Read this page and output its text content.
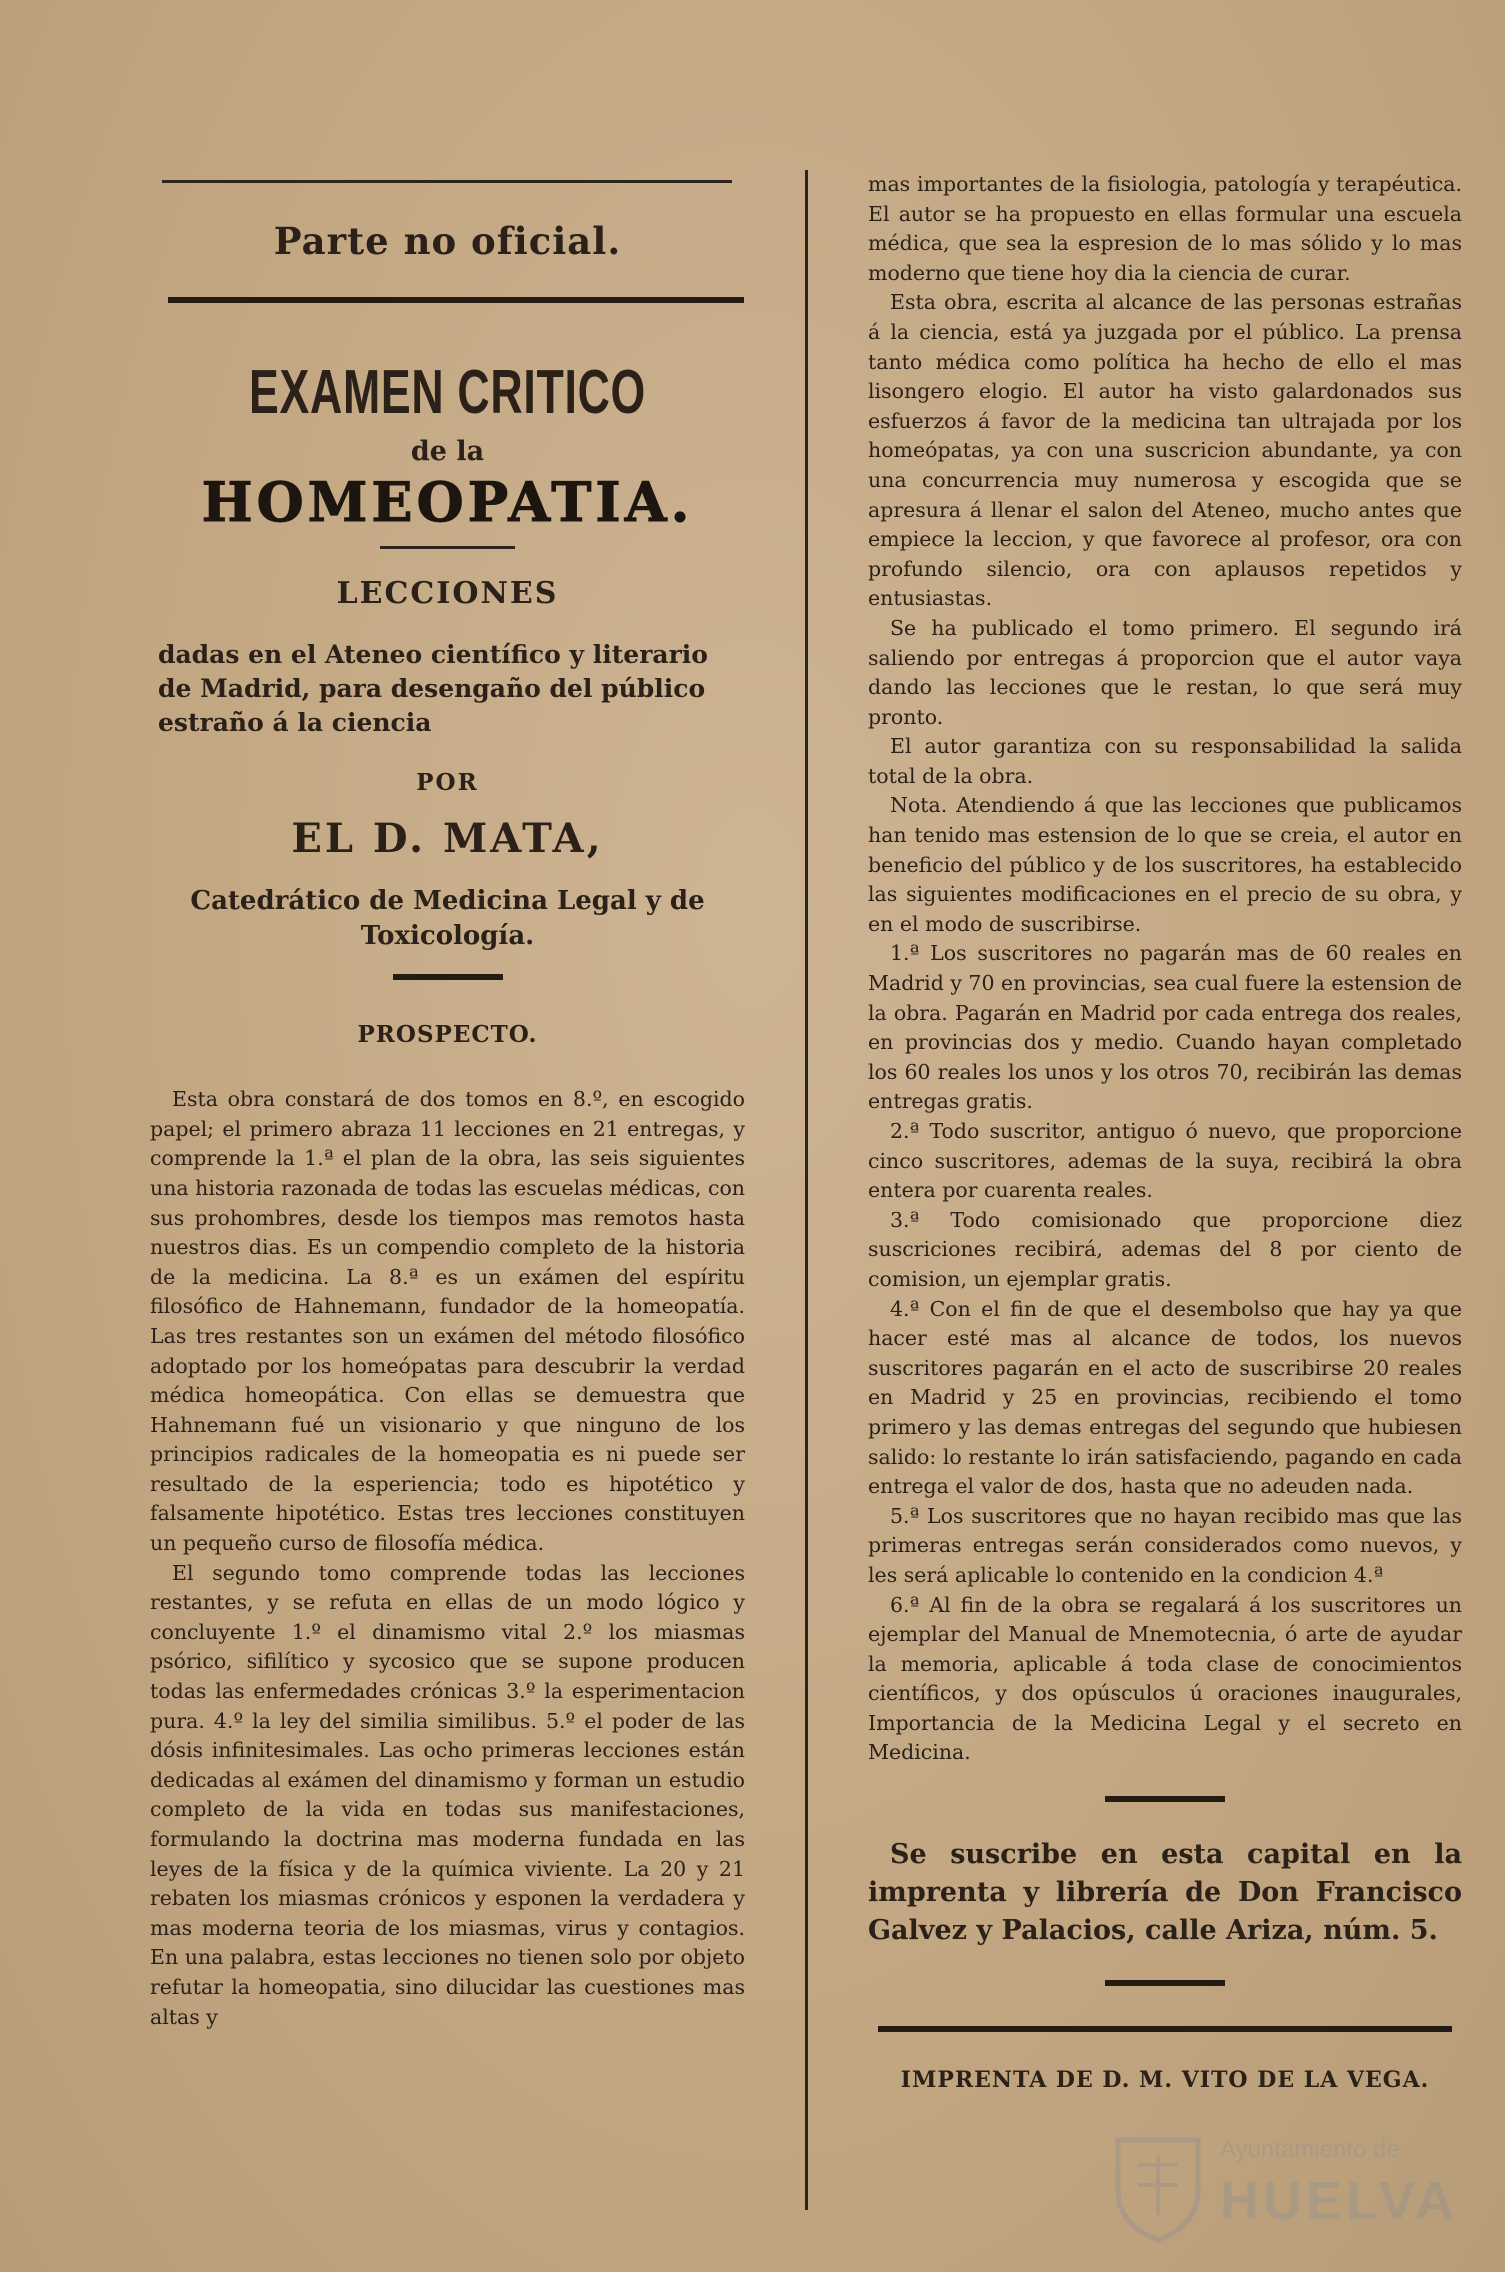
Parte no oficial.
EXAMEN CRITICO
de la
HOMEOPATIA.
LECCIONES
dadas en el Ateneo científico y literario de Madrid, para desengaño del público estraño á la ciencia
POR
EL D. MATA,
Catedrático de Medicina Legal y de Toxicología.
PROSPECTO.

Esta obra constará de dos tomos en 8.º, en escogido papel; el primero abraza 11 lecciones en 21 entregas, y comprende la 1.ª el plan de la obra, las seis siguientes una historia razonada de todas las escuelas médicas, con sus prohombres, desde los tiempos mas remotos hasta nuestros dias. Es un compendio completo de la historia de la medicina. La 8.ª es un exámen del espíritu filosófico de Hahnemann, fundador de la homeopatía. Las tres restantes son un exámen del método filosófico adoptado por los homeópatas para descubrir la verdad médica homeopática. Con ellas se demuestra que Hahnemann fué un visionario y que ninguno de los principios radicales de la homeopatia es ni puede ser resultado de la esperiencia; todo es hipotético y falsamente hipotético. Estas tres lecciones constituyen un pequeño curso de filosofía médica.

El segundo tomo comprende todas las lecciones restantes, y se refuta en ellas de un modo lógico y concluyente 1.º el dinamismo vital 2.º los miasmas psórico, sifilítico y sycosico que se supone producen todas las enfermedades crónicas 3.º la esperimentacion pura. 4.º la ley del similia similibus. 5.º el poder de las dósis infinitesimales. Las ocho primeras lecciones están dedicadas al exámen del dinamismo y forman un estudio completo de la vida en todas sus manifestaciones, formulando la doctrina mas moderna fundada en las leyes de la física y de la química viviente. La 20 y 21 rebaten los miasmas crónicos y esponen la verdadera y mas moderna teoria de los miasmas, virus y contagios. En una palabra, estas lecciones no tienen solo por objeto refutar la homeopatia, sino dilucidar las cuestiones mas altas y

mas importantes de la fisiologia, patología y terapéutica. El autor se ha propuesto en ellas formular una escuela médica, que sea la espresion de lo mas sólido y lo mas moderno que tiene hoy dia la ciencia de curar.

Esta obra, escrita al alcance de las personas estrañas á la ciencia, está ya juzgada por el público. La prensa tanto médica como política ha hecho de ello el mas lisongero elogio. El autor ha visto galardonados sus esfuerzos á favor de la medicina tan ultrajada por los homeópatas, ya con una suscricion abundante, ya con una concurrencia muy numerosa y escogida que se apresura á llenar el salon del Ateneo, mucho antes que empiece la leccion, y que favorece al profesor, ora con profundo silencio, ora con aplausos repetidos y entusiastas.

Se ha publicado el tomo primero. El segundo irá saliendo por entregas á proporcion que el autor vaya dando las lecciones que le restan, lo que será muy pronto.

El autor garantiza con su responsabilidad la salida total de la obra.

Nota. Atendiendo á que las lecciones que publicamos han tenido mas estension de lo que se creia, el autor en beneficio del público y de los suscritores, ha establecido las siguientes modificaciones en el precio de su obra, y en el modo de suscribirse.

1.ª Los suscritores no pagarán mas de 60 reales en Madrid y 70 en provincias, sea cual fuere la estension de la obra. Pagarán en Madrid por cada entrega dos reales, en provincias dos y medio. Cuando hayan completado los 60 reales los unos y los otros 70, recibirán las demas entregas gratis.

2.ª Todo suscritor, antiguo ó nuevo, que proporcione cinco suscritores, ademas de la suya, recibirá la obra entera por cuarenta reales.

3.ª Todo comisionado que proporcione diez suscriciones recibirá, ademas del 8 por ciento de comision, un ejemplar gratis.

4.ª Con el fin de que el desembolso que hay ya que hacer esté mas al alcance de todos, los nuevos suscritores pagarán en el acto de suscribirse 20 reales en Madrid y 25 en provincias, recibiendo el tomo primero y las demas entregas del segundo que hubiesen salido: lo restante lo irán satisfaciendo, pagando en cada entrega el valor de dos, hasta que no adeuden nada.

5.ª Los suscritores que no hayan recibido mas que las primeras entregas serán considerados como nuevos, y les será aplicable lo contenido en la condicion 4.ª

6.ª Al fin de la obra se regalará á los suscritores un ejemplar del Manual de Mnemotecnia, ó arte de ayudar la memoria, aplicable á toda clase de conocimientos científicos, y dos opúsculos ú oraciones inaugurales, Importancia de la Medicina Legal y el secreto en Medicina.

Se suscribe en esta capital en la imprenta y librería de Don Francisco Galvez y Palacios, calle Ariza, núm. 5.

IMPRENTA DE D. M. VITO DE LA VEGA.
Ayuntamiento de
HUELVA
